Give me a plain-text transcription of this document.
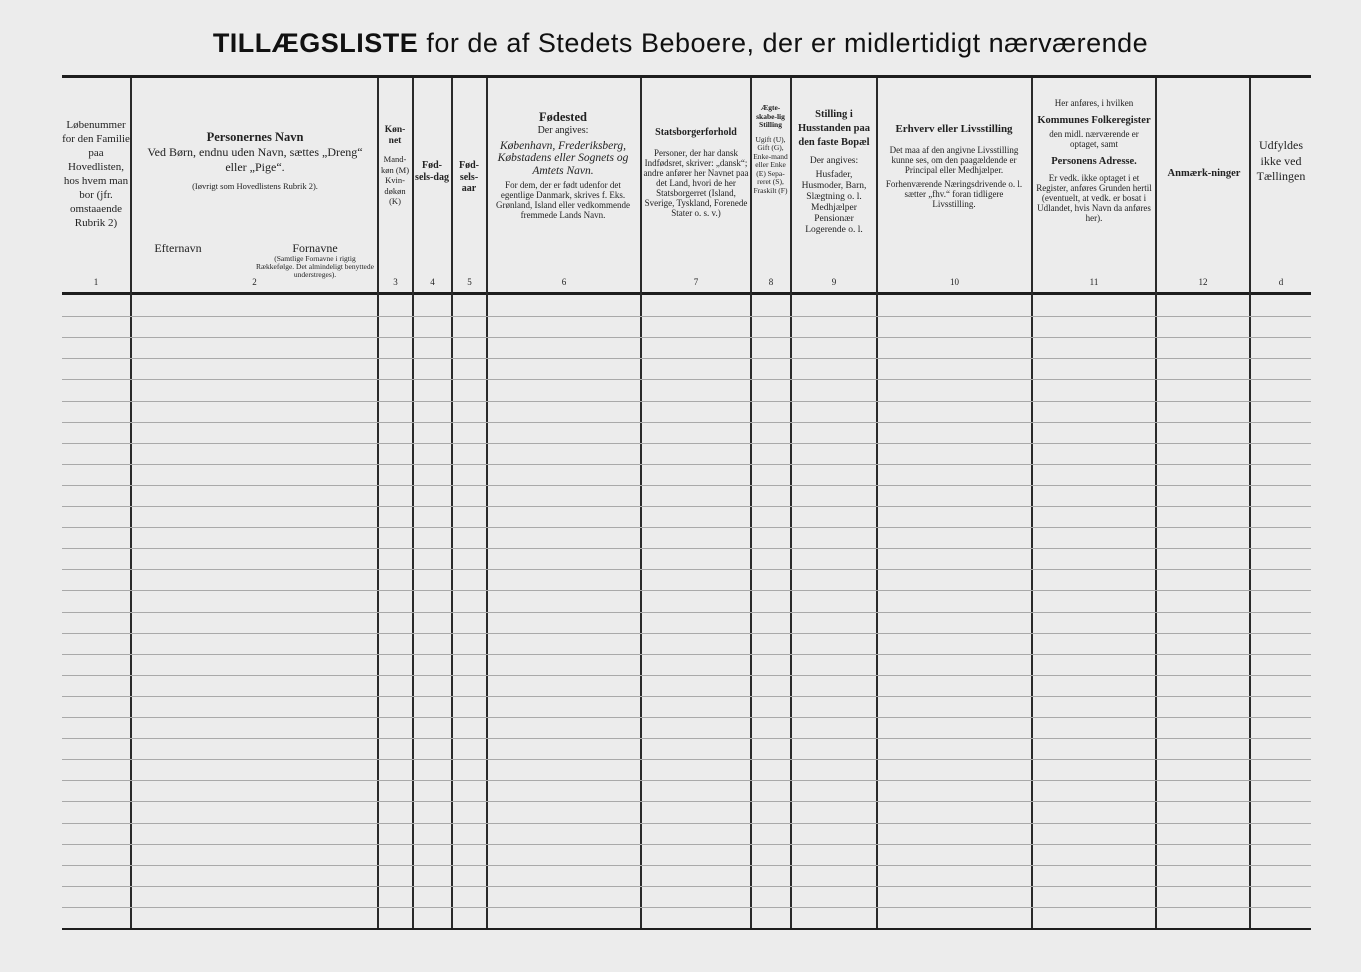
TILLÆGSLISTE for de af Stedets Beboere, der er midlertidigt nærværende
Løbenummer for den Familie paa Hovedlisten, hos hvem man bor (jfr. omstaaende Rubrik 2)
Personernes Navn
Ved Børn, endnu uden Navn, sættes „Dreng“ eller „Pige“.
(Iøvrigt som Hovedlistens Rubrik 2).
Efternavn	Fornavne
(Samtlige Fornavne i rigtig Rækkefølge. Det almindeligt benyttede understreges).
Køn-net
Mand-køn (M) Kvin-døkøn (K)
Fød-sels-dag
Fød-sels-aar
Fødested
Der angives:
København, Frederiksberg, Købstadens eller Sognets og Amtets Navn.
For dem, der er født udenfor det egentlige Danmark, skrives f. Eks. Grønland, Island eller vedkommende fremmede Lands Navn.
Statsborgerforhold
Personer, der har dansk Indfødsret, skriver: „dansk“; andre anfører her Navnet paa det Land, hvori de her Statsborgerret (Island, Sverige, Tyskland, Forenede Stater o. s. v.)
Ægte-skabe-lig Stilling
Ugift (U), Gift (G), Enke-mand eller Enke (E) Sepa-reret (S), Fraskilt (F)
Stilling i Husstanden paa den faste Bopæl
Der angives:
Husfader, Husmoder, Barn, Slægtning o. l. Medhjælper Pensionær Logerende o. l.
Erhverv eller Livsstilling
Det maa af den angivne Livsstilling kunne ses, om den paagældende er Principal eller Medhjælper.
Forhenværende Næringsdrivende o. l. sætter „fhv.“ foran tidligere Livsstilling.
Her anføres, i hvilken
Kommunes Folkeregister
den midl. nærværende er optaget, samt
Personens Adresse.
Er vedk. ikke optaget i et Register, anføres Grunden hertil (eventuelt, at vedk. er bosat i Udlandet, hvis Navn da anføres her).
Anmærk-ninger
Udfyldes ikke ved Tællingen
1	2	3	4	5	6	7	8	9	10	11	12	d
